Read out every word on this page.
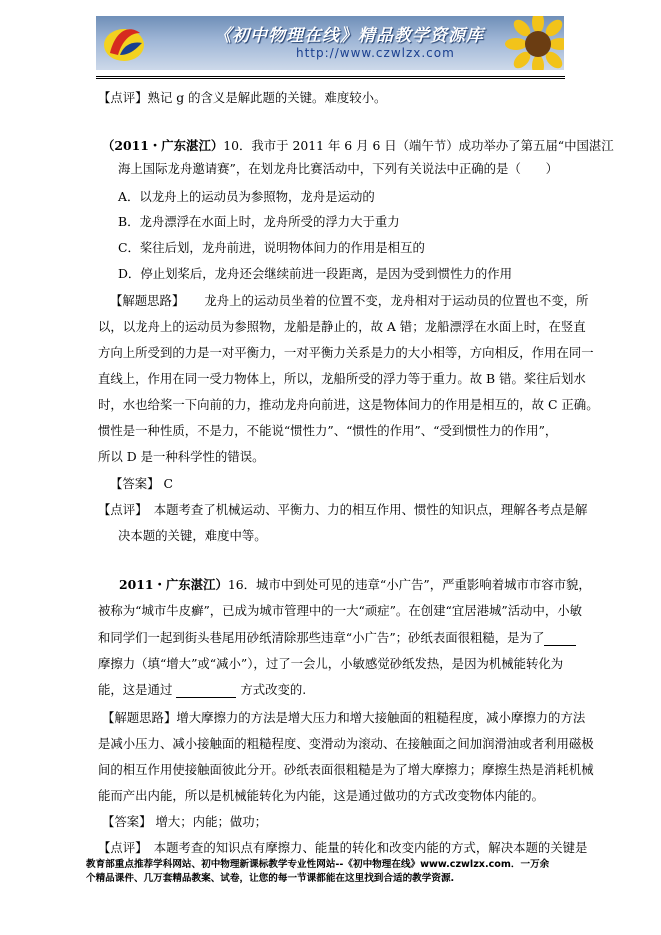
《初中物理在线》精品教学资源库
http://www.czwlzx.com
【点评】熟记 g 的含义是解此题的关键。难度较小。
（2011・广东湛江）10．我市于 2011 年 6 月 6 日（端午节）成功举办了第五届“中国湛江
海上国际龙舟邀请赛”，在划龙舟比赛活动中，下列有关说法中正确的是（　　）
A．以龙舟上的运动员为参照物，龙舟是运动的
B．龙舟漂浮在水面上时，龙舟所受的浮力大于重力
C．桨往后划，龙舟前进，说明物体间力的作用是相互的
D．停止划桨后，龙舟还会继续前进一段距离，是因为受到惯性力的作用
【解题思路】 龙舟上的运动员坐着的位置不变，龙舟相对于运动员的位置也不变，所
以，以龙舟上的运动员为参照物，龙船是静止的，故 A 错；龙船漂浮在水面上时，在竖直
方向上所受到的力是一对平衡力，一对平衡力关系是力的大小相等，方向相反，作用在同一
直线上，作用在同一受力物体上，所以，龙船所受的浮力等于重力。故 B 错。桨往后划水
时，水也给桨一下向前的力，推动龙舟向前进，这是物体间力的作用是相互的，故 C 正确。
惯性是一种性质，不是力，不能说“惯性力”、“惯性的作用”、“受到惯性力的作用”，
所以 D 是一种科学性的错误。
【答案】 C
【点评】　本题考查了机械运动、平衡力、力的相互作用、惯性的知识点，理解各考点是解
决本题的关键，难度中等。
2011・广东湛江）16．城市中到处可见的违章“小广告”，严重影响着城市市容市貌，
被称为“城市牛皮癣”，已成为城市管理中的一大“顽症”。在创建“宜居港城”活动中，小敏
和同学们一起到街头巷尾用砂纸清除那些违章“小广告”；砂纸表面很粗糙，是为了
摩擦力（填“增大”或“减小”），过了一会儿，小敏感觉砂纸发热，是因为机械能转化为
能，这是通过	方式改变的.
【解题思路】增大摩擦力的方法是增大压力和增大接触面的粗糙程度，减小摩擦力的方法
是减小压力、减小接触面的粗糙程度、变滑动为滚动、在接触面之间加润滑油或者利用磁极
间的相互作用使接触面彼此分开。砂纸表面很粗糙是为了增大摩擦力；摩擦生热是消耗机械
能而产出内能，所以是机械能转化为内能，这是通过做功的方式改变物体内能的。
【答案】 增大；内能；做功；
【点评】　本题考查的知识点有摩擦力、能量的转化和改变内能的方式，解决本题的关键是
教育部重点推荐学科网站、初中物理新课标教学专业性网站--《初中物理在线》www.czwlzx.com．一万余
个精品课件、几万套精品教案、试卷，让您的每一节课都能在这里找到合适的教学资源.
